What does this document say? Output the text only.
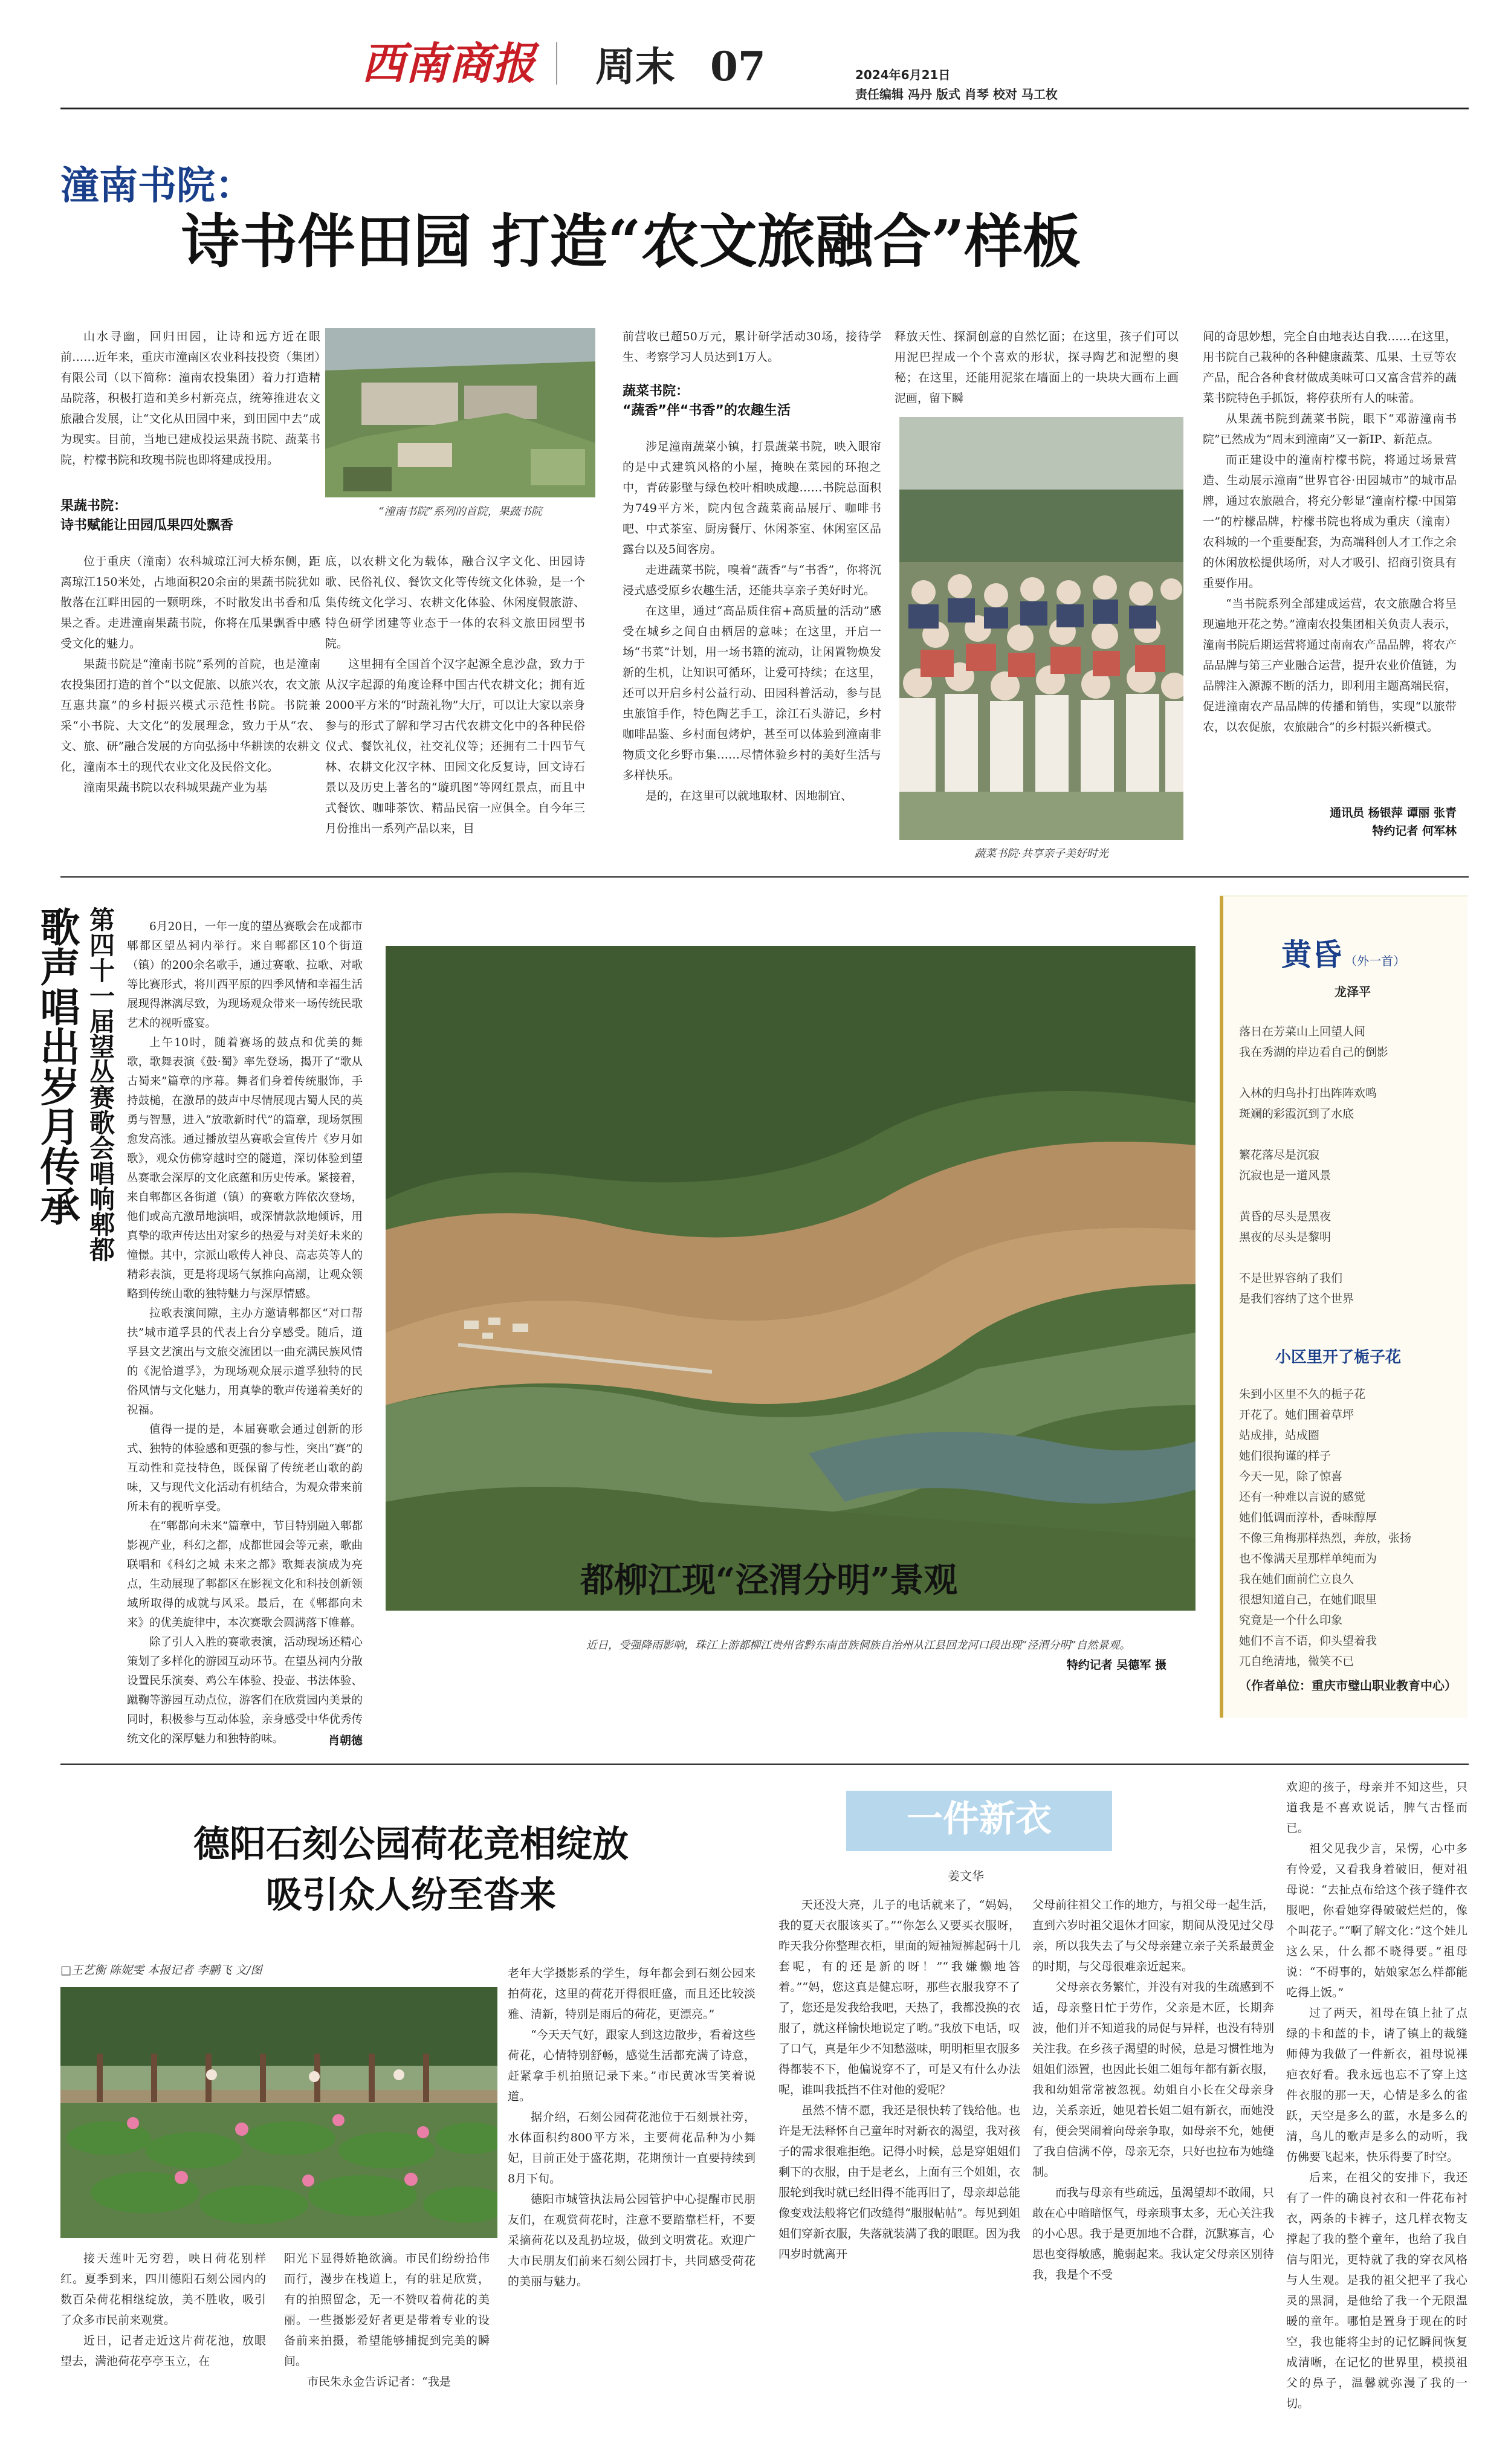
西南商报 周末 07	2024年6月21日
责任编辑 冯丹 版式 肖琴 校对 马工枚
潼南书院：
诗书伴田园 打造“农文旅融合”样板

山水寻幽，回归田园，让诗和远方近在眼前……近年来，重庆市潼南区农业科技投资（集团）有限公司（以下简称：潼南农投集团）着力打造精品院落，积极打造和美乡村新亮点，统筹推进农文旅融合发展，让“文化从田园中来，到田园中去”成为现实。目前，当地已建成投运果蔬书院、蔬菜书院，柠檬书院和玫瑰书院也即将建成投用。

果蔬书院：
诗书赋能让田园瓜果四处飘香

位于重庆（潼南）农科城琼江河大桥东侧，距离琼江150米处，占地面积20余亩的果蔬书院犹如散落在江畔田园的一颗明珠，不时散发出书香和瓜果之香。走进潼南果蔬书院，你将在瓜果飘香中感受文化的魅力。

果蔬书院是“潼南书院”系列的首院，也是潼南农投集团打造的首个“以文促旅、以旅兴农，农文旅互惠共赢”的乡村振兴模式示范性书院。书院兼采“小书院、大文化”的发展理念，致力于从“农、文、旅、研”融合发展的方向弘扬中华耕读的农耕文化，潼南本土的现代农业文化及民俗文化。

潼南果蔬书院以农科城果蔬产业为基

“潼南书院”系列的首院，果蔬书院

底，以农耕文化为载体，融合汉字文化、田园诗歌、民俗礼仪、餐饮文化等传统文化体验，是一个集传统文化学习、农耕文化体验、休闲度假旅游、特色研学团建等业态于一体的农科文旅田园型书院。

这里拥有全国首个汉字起源全息沙盘，致力于从汉字起源的角度诠释中国古代农耕文化；拥有近2000平方米的“时蔬礼物”大厅，可以让大家以亲身参与的形式了解和学习古代农耕文化中的各种民俗仪式、餐饮礼仪，社交礼仪等；还拥有二十四节气林、农耕文化汉字林、田园文化反复诗，回文诗石景以及历史上著名的“璇玑图”等网红景点，而且中式餐饮、咖啡茶饮、精品民宿一应俱全。自今年三月份推出一系列产品以来，目

前营收已超50万元，累计研学活动30场，接待学生、考察学习人员达到1万人。

蔬菜书院：
“蔬香”伴“书香”的农趣生活

涉足潼南蔬菜小镇，打景蔬菜书院，映入眼帘的是中式建筑风格的小屋，掩映在菜园的环抱之中，青砖影壁与绿色校叶相映成趣……书院总面积为749平方米，院内包含蔬菜商品展厅、咖啡书吧、中式茶室、厨房餐厅、休闲茶室、休闲室区品露台以及5间客房。

走进蔬菜书院，嗅着“蔬香”与“书香”，你将沉浸式感受原乡农趣生活，还能共享亲子美好时光。

在这里，通过“高品质住宿+高质量的活动”感受在城乡之间自由栖居的意味；在这里，开启一场“书菜”计划，用一场书籍的流动，让闲置物焕发新的生机，让知识可循环，让爱可持续；在这里，还可以开启乡村公益行动、田园科普活动，参与昆虫旅馆手作，特色陶艺手工，涂江石头游记，乡村咖啡品鉴、乡村面包烤炉，甚至可以体验到潼南非物质文化乡野市集……尽情体验乡村的美好生活与多样快乐。

是的，在这里可以就地取材、因地制宜、

释放天性、探洞创意的自然忆面；在这里，孩子们可以用泥巴捏成一个个喜欢的形状，探寻陶艺和泥塑的奥秘；在这里，还能用泥浆在墙面上的一块块大画布上画泥画，留下瞬

蔬菜书院·共享亲子美好时光

间的奇思妙想，完全自由地表达自我……在这里，用书院自己栽种的各种健康蔬菜、瓜果、土豆等农产品，配合各种食材做成美味可口又富含营养的蔬菜书院特色手抓饭，将停获所有人的味蕾。

从果蔬书院到蔬菜书院，眼下“邓游潼南书院”已然成为“周末到潼南”又一新IP、新范点。

而正建设中的潼南柠檬书院，将通过场景营造、生动展示潼南“世界官谷·田园城市”的城市品牌，通过农旅融合，将充分彰显“潼南柠檬·中国第一”的柠檬品牌，柠檬书院也将成为重庆（潼南）农科城的一个重要配套，为高端科创人才工作之余的休闲放松提供场所，对人才吸引、招商引资具有重要作用。

“当书院系列全部建成运营，农文旅融合将呈现遍地开花之势。”潼南农投集团相关负责人表示，潼南书院后期运营将通过南南农产品品牌，将农产品品牌与第三产业融合运营，提升农业价值链，为品牌注入源源不断的活力，即利用主题高端民宿，促进潼南农产品品牌的传播和销售，实现“以旅带农，以农促旅，农旅融合”的乡村振兴新模式。

通讯员 杨银萍 谭丽 张青
特约记者 何军林
歌声唱出岁月传承 第四十一届望丛赛歌会唱响郫都	6月20日，一年一度的望丛赛歌会在成都市郫都区望丛祠内举行。来自郫都区10个街道（镇）的200余名歌手，通过赛歌、拉歌、对歌等比赛形式，将川西平原的四季风情和幸福生活展现得淋漓尽致，为现场观众带来一场传统民歌艺术的视听盛宴。

上午10时，随着赛场的鼓点和优美的舞歌，歌舞表演《鼓·蜀》率先登场，揭开了“歌从古蜀来”篇章的序幕。舞者们身着传统服饰，手持鼓槌，在激昂的鼓声中尽情展现古蜀人民的英勇与智慧，进入“放歌新时代”的篇章，现场氛围愈发高涨。通过播放望丛赛歌会宣传片《岁月如歌》，观众仿佛穿越时空的隧道，深切体验到望丛赛歌会深厚的文化底蕴和历史传承。紧接着，来自郫都区各街道（镇）的赛歌方阵依次登场，他们或高亢激昂地演唱，或深情款款地倾诉，用真挚的歌声传达出对家乡的热爱与对美好未来的憧憬。其中，宗派山歌传人神良、高志英等人的精彩表演，更是将现场气氛推向高潮，让观众领略到传统山歌的独特魅力与深厚情感。

拉歌表演间隙，主办方邀请郫都区“对口帮扶”城市道孚县的代表上台分享感受。随后，道孚县文艺演出与文旅交流团以一曲充满民族风情的《泥恰道孚》，为现场观众展示道孚独特的民俗风情与文化魅力，用真挚的歌声传递着美好的祝福。

值得一提的是，本届赛歌会通过创新的形式、独特的体验感和更强的参与性，突出“赛”的互动性和竞技特色，既保留了传统老山歌的韵味，又与现代文化活动有机结合，为观众带来前所未有的视听享受。

在“郫都向未来”篇章中，节目特别融入郫都影视产业，科幻之都，成都世园会等元素，歌曲联唱和《科幻之城 未来之都》歌舞表演成为亮点，生动展现了郫都区在影视文化和科技创新领域所取得的成就与风采。最后，在《郫都向未来》的优美旋律中，本次赛歌会圆满落下帷幕。

除了引人入胜的赛歌表演，活动现场还精心策划了多样化的游园互动环节。在望丛祠内分散设置民乐演奏、鸡公车体验、投壶、书法体验、蹴鞠等游园互动点位，游客们在欣赏园内美景的同时，积极参与互动体验，亲身感受中华优秀传统文化的深厚魅力和独特韵味。	肖朝德
都柳江现“泾渭分明”景观
近日，受强降雨影响，珠江上游都柳江贵州省黔东南苗族侗族自治州从江县回龙河口段出现“泾渭分明”自然景观。
特约记者 吴德军 摄
黄昏 （外一首）
龙泽平

落日在芳菜山上回望人间

我在秀湖的岸边看自己的倒影

入林的归鸟扑打出阵阵欢鸣

斑斓的彩霞沉到了水底

繁花落尽是沉寂

沉寂也是一道风景

黄昏的尽头是黑夜

黑夜的尽头是黎明

不是世界容纳了我们

是我们容纳了这个世界

小区里开了栀子花

朱到小区里不久的栀子花

开花了。她们围着草坪

站成排，站成圈

她们很拘谨的样子

今天一见，除了惊喜

还有一种难以言说的感觉

她们低调而淳朴，香味醇厚

不像三角梅那样热烈，奔放，张扬

也不像满天星那样单纯而为

我在她们面前伫立良久

很想知道自己，在她们眼里

究竟是一个什么印象

她们不言不语，仰头望着我

兀自绝清地，微笑不已

（作者单位：重庆市璧山职业教育中心）
德阳石刻公园荷花竞相绽放
吸引众人纷至沓来
□王艺衡 陈妮雯 本报记者 李鹏飞 文/图

接天莲叶无穷碧，映日荷花别样红。夏季到来，四川德阳石刻公园内的数百朵荷花相继绽放，美不胜收，吸引了众多市民前来观赏。

近日，记者走近这片荷花池，放眼望去，满池荷花亭亭玉立，在

阳光下显得娇艳欲滴。市民们纷纷拾伟而行，漫步在栈道上，有的驻足欣赏，有的拍照留念，无一不赞叹着荷花的美丽。一些摄影爱好者更是带着专业的设备前来拍摄，希望能够捕捉到完美的瞬间。

市民朱永金告诉记者：“我是

老年大学摄影系的学生，每年都会到石刻公园来拍荷花，这里的荷花开得很旺盛，而且还比较淡雅、清新，特别是雨后的荷花，更漂亮。”

“今天天气好，跟家人到这边散步，看着这些荷花，心情特别舒畅，感觉生活都充满了诗意，赶紧拿手机拍照记录下来。”市民黄冰雪笑着说道。

据介绍，石刻公园荷花池位于石刻景社旁，水体面积约800平方米，主要荷花品种为小舞妃，目前正处于盛花期，花期预计一直要持续到8月下旬。

德阳市城管执法局公园管护中心提醒市民朋友们，在观赏荷花时，注意不要踏靠栏杆，不要采摘荷花以及乱扔垃圾，做到文明赏花。欢迎广大市民朋友们前来石刻公园打卡，共同感受荷花的美丽与魅力。

一件新衣
姜文华

天还没大亮，儿子的电话就来了，“妈妈，我的夏天衣服该买了。”“你怎么又要买衣服呀，昨天我分你整理衣柜，里面的短袖短裤起码十几套呢，有的还是新的呀！”“我嫌懒地答着。”“妈，您这真是健忘呀，那些衣服我穿不了了，您还是发我给我吧，天热了，我都没换的衣服了，就这样愉快地说定了哟。”我放下电话，叹了口气，真是年少不知愁滋味，明明柜里衣服多得都装不下，他偏说穿不了，可是又有什么办法呢，谁叫我抵挡不住对他的爱呢？

虽然不情不愿，我还是很快转了钱给他。也许是无法释怀自己童年时对新衣的渴望，我对孩子的需求很难拒绝。记得小时候，总是穿姐姐们剩下的衣服，由于是老幺，上面有三个姐姐，衣服轮到我时就已经旧得不能再旧了，母亲却总能像变戏法般将它们改缝得“服服帖帖”。每见到姐姐们穿新衣服，失落就装满了我的眼眶。因为我四岁时就离开

父母前往祖父工作的地方，与祖父母一起生活，直到六岁时祖父退休才回家，期间从没见过父母亲，所以我失去了与父母亲建立亲子关系最黄金的时期，与父母很难亲近起来。

父母亲衣务繁忙，并没有对我的生疏感到不适，母亲整日忙于劳作，父亲是木匠，长期奔波，他们并不知道我的局促与异样，也没有特别关注我。在乡孩子渴望的时候，总是习惯性地为姐姐们添置，也因此长姐二姐每年都有新衣服，我和幼姐常常被忽视。幼姐自小长在父母亲身边，关系亲近，她见着长姐二姐有新衣，而她没有，便会哭闹着向母亲争取，如母亲不允，她便了我自信满不停，母亲无奈，只好也拉布为她缝制。

而我与母亲有些疏远，虽渴望却不敢闹，只敢在心中暗暗怄气，母亲琐事太多，无心关注我的小心思。我于是更加地不合群，沉默寡言，心思也变得敏感，脆弱起来。我认定父母亲区别待我，我是个不受

欢迎的孩子，母亲并不知这些，只道我是不喜欢说话，脾气古怪而已。

祖父见我少言，呆愣，心中多有怜爱，又看我身着破旧，便对祖母说：“去扯点布给这个孩子缝件衣服吧，你看她穿得破破烂烂的，像个叫花子。”“啊了解文化：”这个娃儿这么呆，什么都不晓得要。”祖母说：“不碍事的，姑娘家怎么样都能吃得上饭。”

过了两天，祖母在镇上扯了点绿的卡和蓝的卡，请了镇上的裁缝师傅为我做了一件新衣，祖母说裸疤衣好看。我永远也忘不了穿上这件衣服的那一天，心情是多么的雀跃，天空是多么的蓝，水是多么的清，鸟儿的歌声是多么的动听，我仿佛要飞起来，快乐得要了时空。

后来，在祖父的安排下，我还有了一件的确良衬衣和一件花布衬衣，两条的卡裤子，这几样衣物支撑起了我的整个童年，也给了我自信与阳光，更特就了我的穿衣风格与人生观。是我的祖父把平了我心灵的黑洞，是他给了我一个无限温暖的童年。哪怕是置身于现在的时空，我也能将尘封的记忆瞬间恢复成清晰，在记忆的世界里，模摸祖父的鼻子，温馨就弥漫了我的一切。
